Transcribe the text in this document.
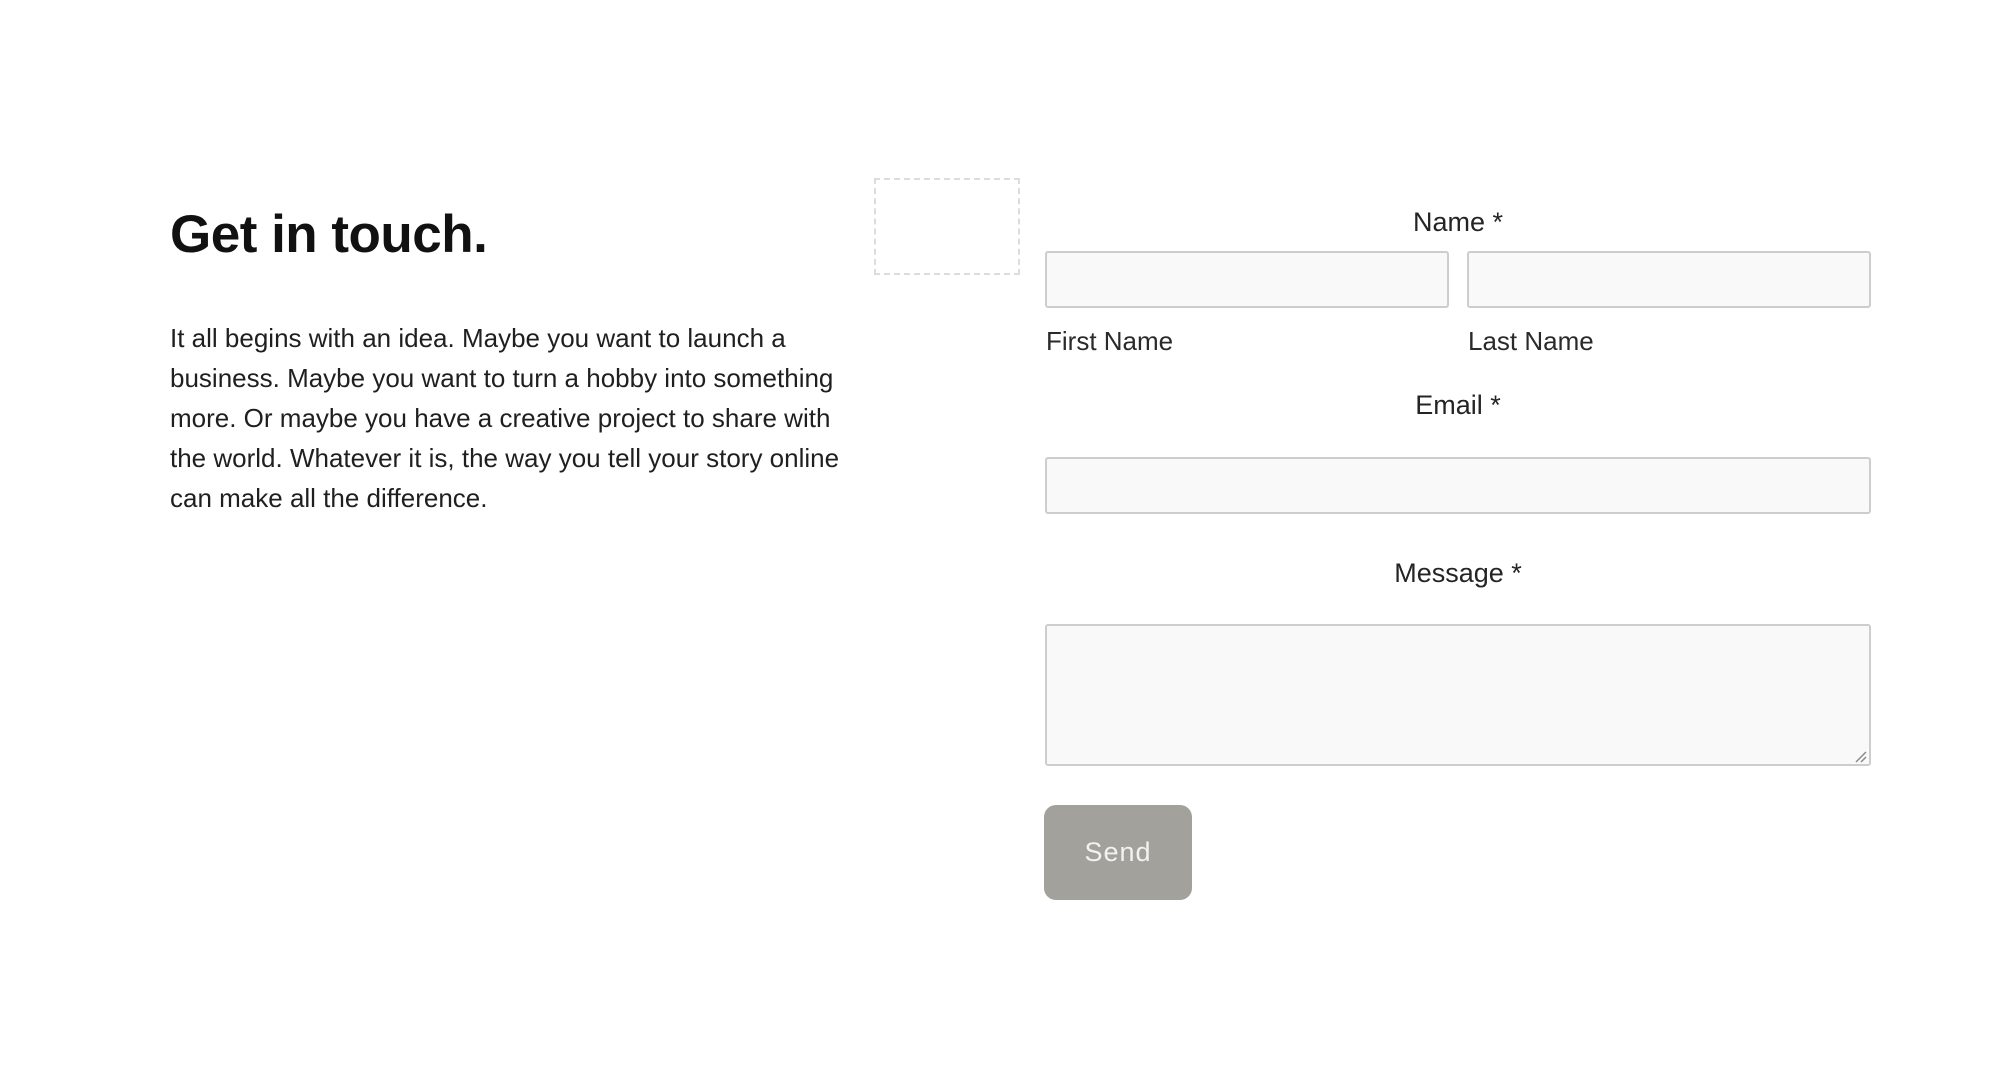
Get in touch.
It all begins with an idea. Maybe you want to launch a
business. Maybe you want to turn a hobby into something
more. Or maybe you have a creative project to share with
the world. Whatever it is, the way you tell your story online
can make all the difference.
Name *
First Name	Last Name
Email *
Message *
Send
